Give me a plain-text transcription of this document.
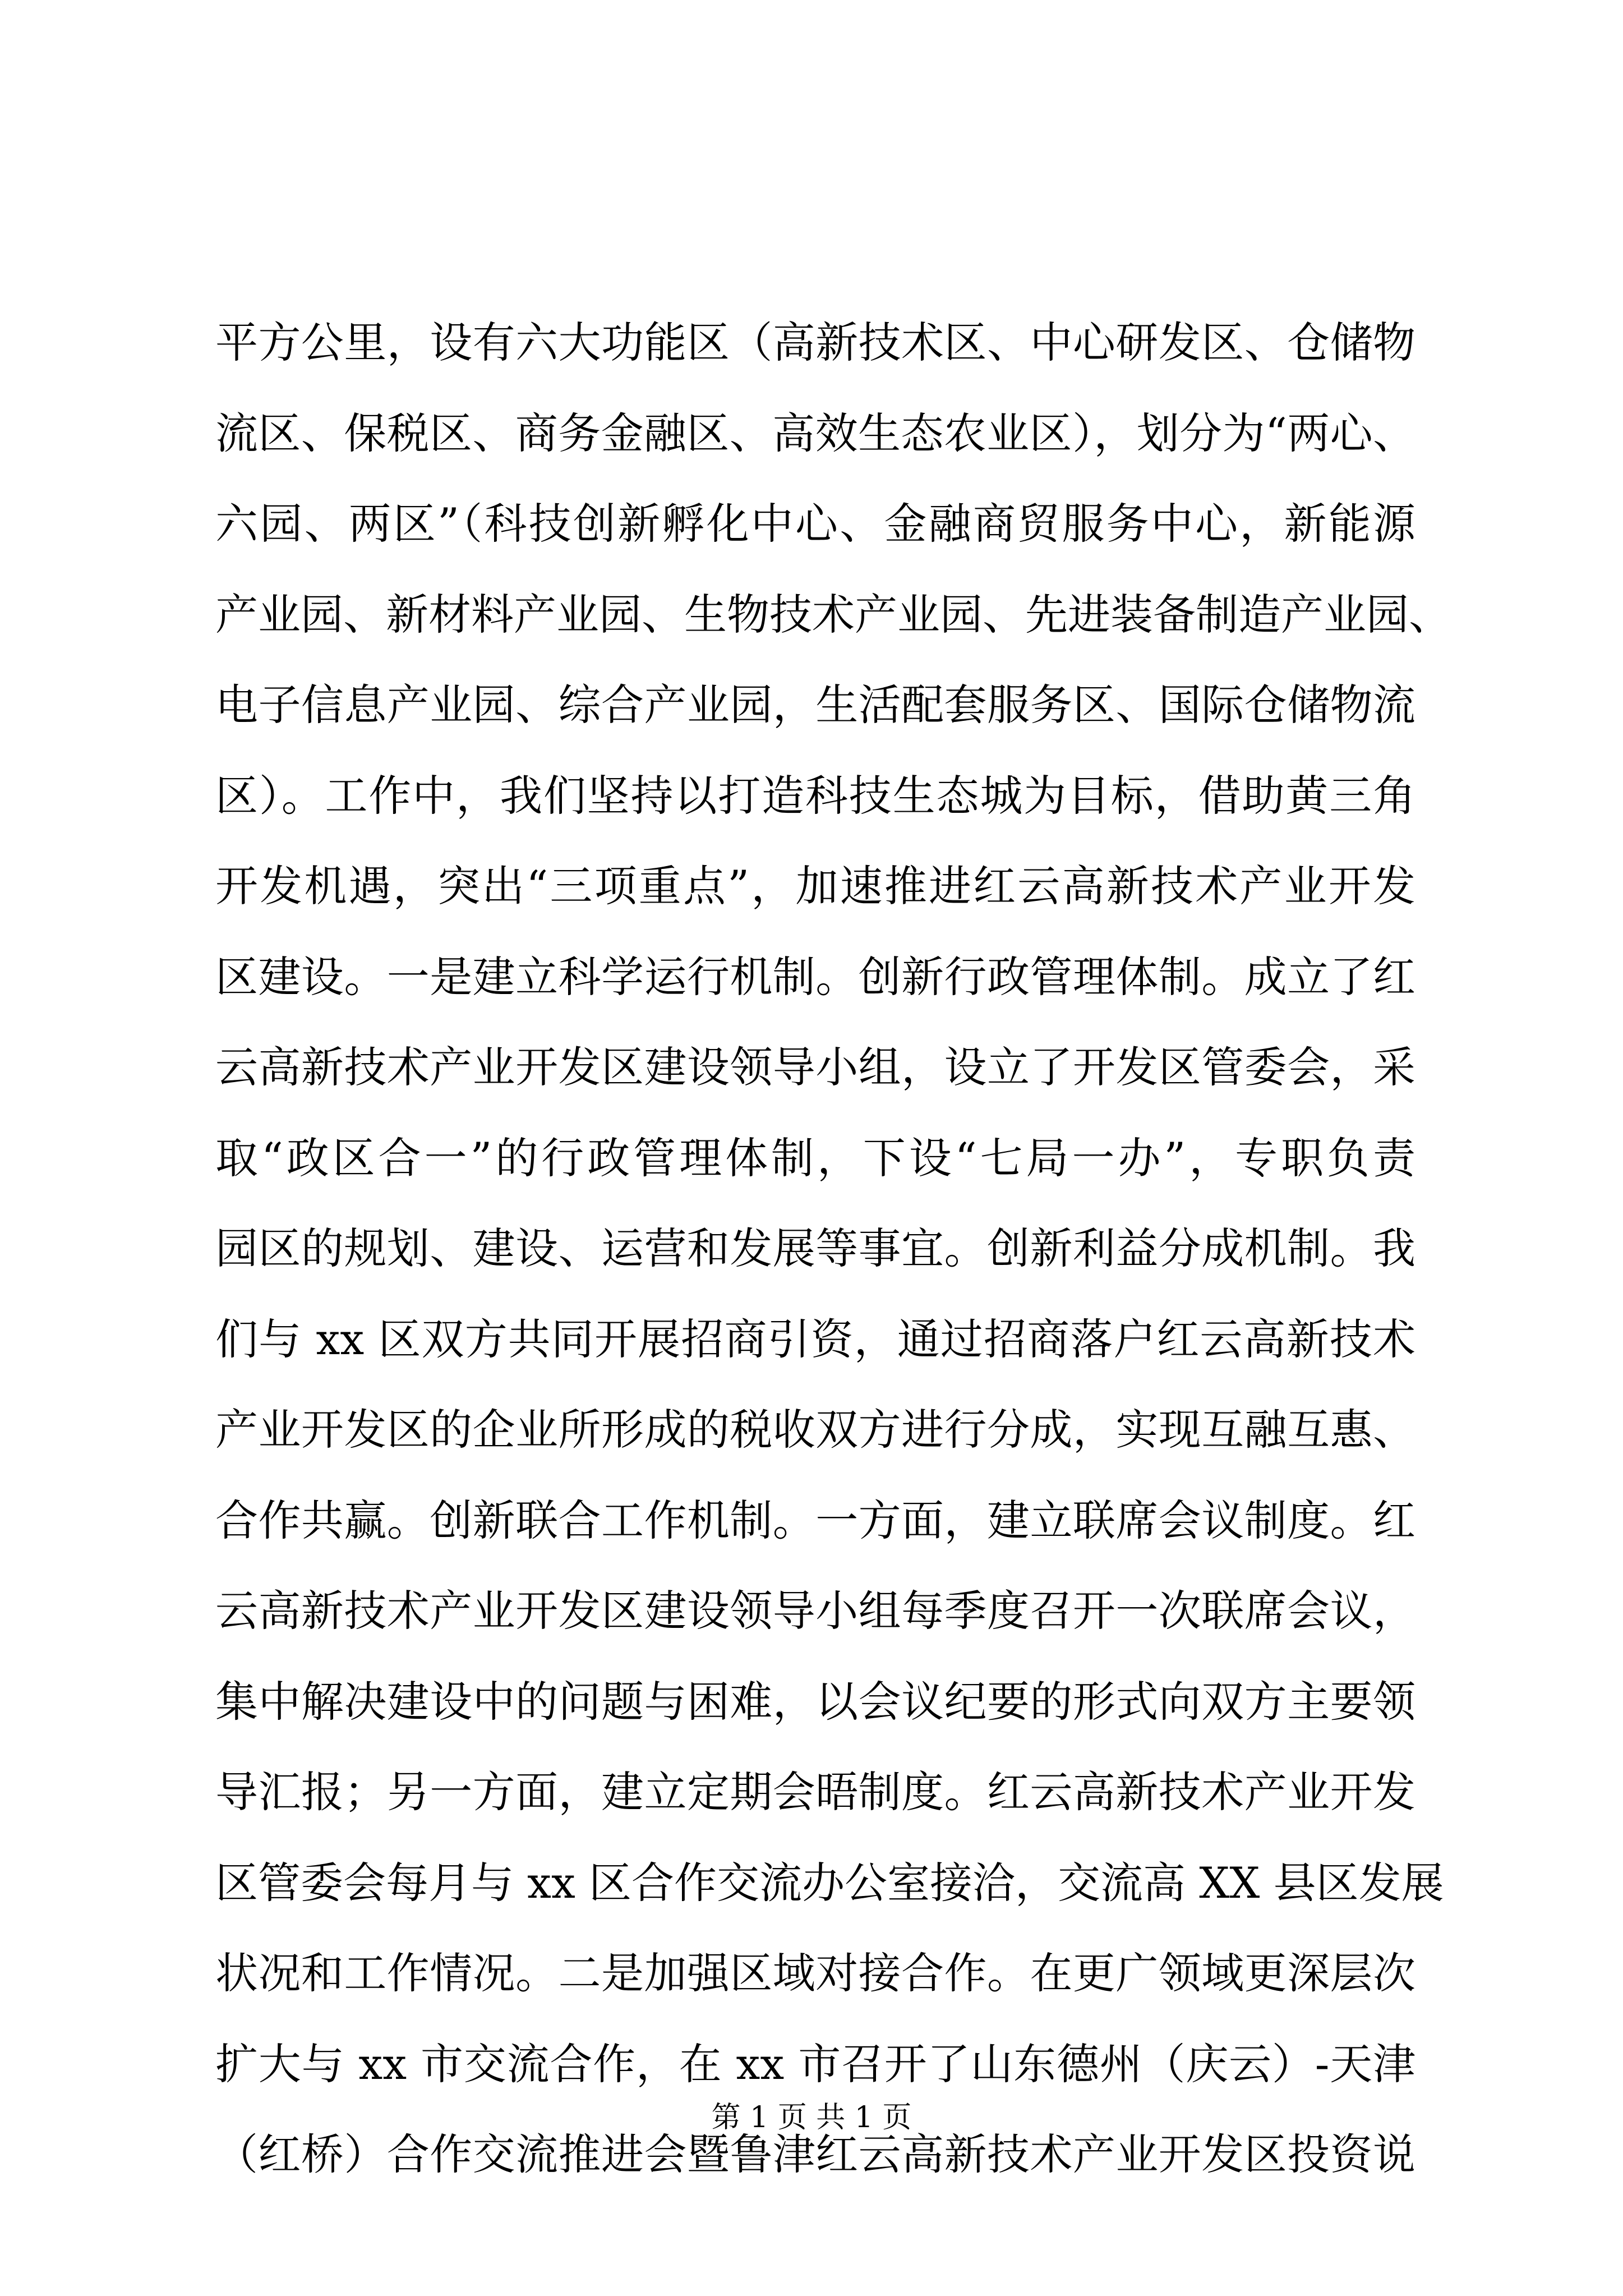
平方公里，设有六大功能区（高新技术区、中心研发区、仓储物
流区、保税区、商务金融区、高效生态农业区），划分为“两心、
六园、两区”（科技创新孵化中心、金融商贸服务中心，新能源
产业园、新材料产业园、生物技术产业园、先进装备制造产业园、
电子信息产业园、综合产业园，生活配套服务区、国际仓储物流
区）。工作中，我们坚持以打造科技生态城为目标，借助黄三角
开发机遇，突出“三项重点”，加速推进红云高新技术产业开发
区建设。一是建立科学运行机制。创新行政管理体制。成立了红
云高新技术产业开发区建设领导小组，设立了开发区管委会，采
取“政区合一”的行政管理体制，下设“七局一办”，专职负责
园区的规划、建设、运营和发展等事宜。创新利益分成机制。我
们与 xx 区双方共同开展招商引资，通过招商落户红云高新技术
产业开发区的企业所形成的税收双方进行分成，实现互融互惠、
合作共赢。创新联合工作机制。一方面，建立联席会议制度。红
云高新技术产业开发区建设领导小组每季度召开一次联席会议，
集中解决建设中的问题与困难，以会议纪要的形式向双方主要领
导汇报；另一方面，建立定期会晤制度。红云高新技术产业开发
区管委会每月与 xx 区合作交流办公室接洽，交流高 XX 县区发展
状况和工作情况。二是加强区域对接合作。在更广领域更深层次
扩大与 xx 市交流合作，在 xx 市召开了山东德州（庆云）-天津
（红桥）合作交流推进会暨鲁津红云高新技术产业开发区投资说
第 1 页 共 1 页
